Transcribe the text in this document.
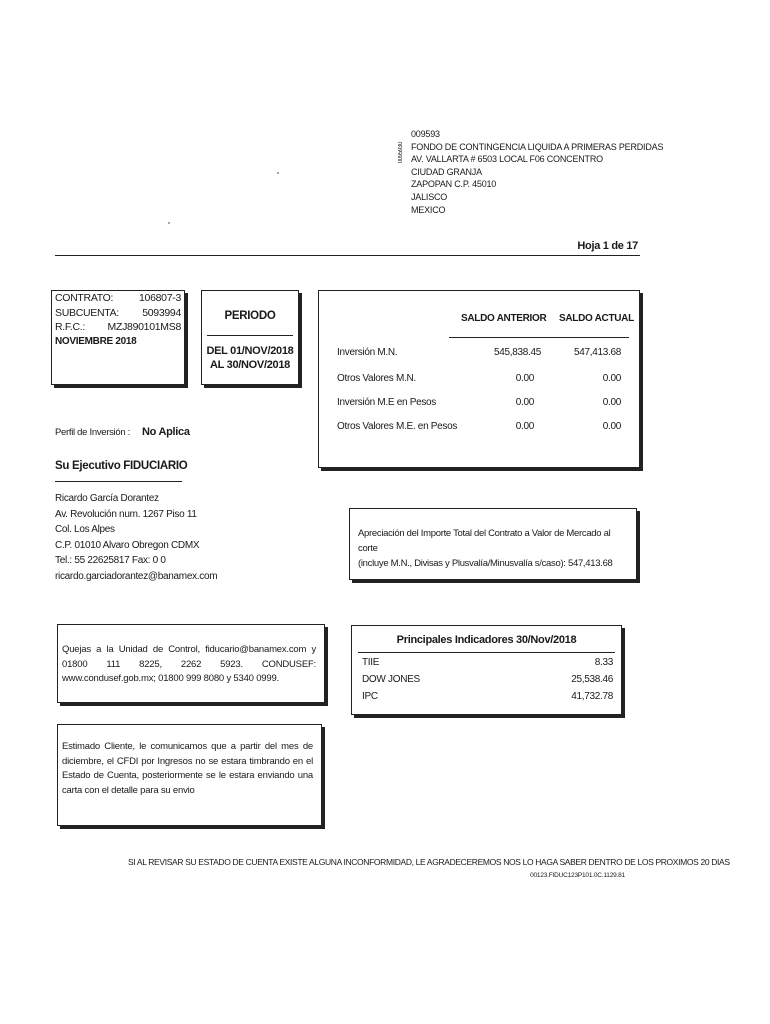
009593
FONDO DE CONTINGENCIA LIQUIDA A PRIMERAS PERDIDAS
AV. VALLARTA # 6503 LOCAL F06 CONCENTRO
CIUDAD GRANJA
ZAPOPAN C.P. 45010
JALISCO
MEXICO
0095930
Hoja 1 de 17
CONTRATO: 106807-3
SUBCUENTA: 5093994
R.F.C.: MZJ890101MS8
NOVIEMBRE 2018
PERIODO
DEL 01/NOV/2018
AL 30/NOV/2018
SALDO ANTERIOR SALDO ACTUAL
Inversión M.N.	545,838.45	547,413.68
Otros Valores M.N.	0.00	0.00
Inversión M.E en Pesos	0.00	0.00
Otros Valores M.E. en Pesos	0.00	0.00
Perfil de Inversión : No Aplica
Su Ejecutivo FIDUCIARIO
Ricardo García Dorantez
Av. Revolución num. 1267 Piso 11
Col. Los Alpes
C.P. 01010 Alvaro Obregon CDMX
Tel.: 55 22625817 Fax: 0 0
ricardo.garciadorantez@banamex.com
Apreciación del Importe Total del Contrato a Valor de Mercado al corte
(incluye M.N., Divisas y Plusvalía/Minusvalía s/caso): 547,413.68
Quejas a la Unidad de Control, fiducario@banamex.com y 01800 111 8225, 2262 5923. CONDUSEF: www.condusef.gob.mx; 01800 999 8080 y 5340 0999.
Principales Indicadores 30/Nov/2018
TIIE	8.33
DOW JONES	25,538.46
IPC	41,732.78
Estimado Cliente, le comunicamos que a partir del mes de diciembre, el CFDI por Ingresos no se estara timbrando en el Estado de Cuenta, posteriormente se le estara enviando una carta con el detalle para su envio
SI AL REVISAR SU ESTADO DE CUENTA EXISTE ALGUNA INCONFORMIDAD, LE AGRADECEREMOS NOS LO HAGA SABER DENTRO DE LOS PROXIMOS 20 DIAS
00123.FIDUC123P101.0C.1129.81
